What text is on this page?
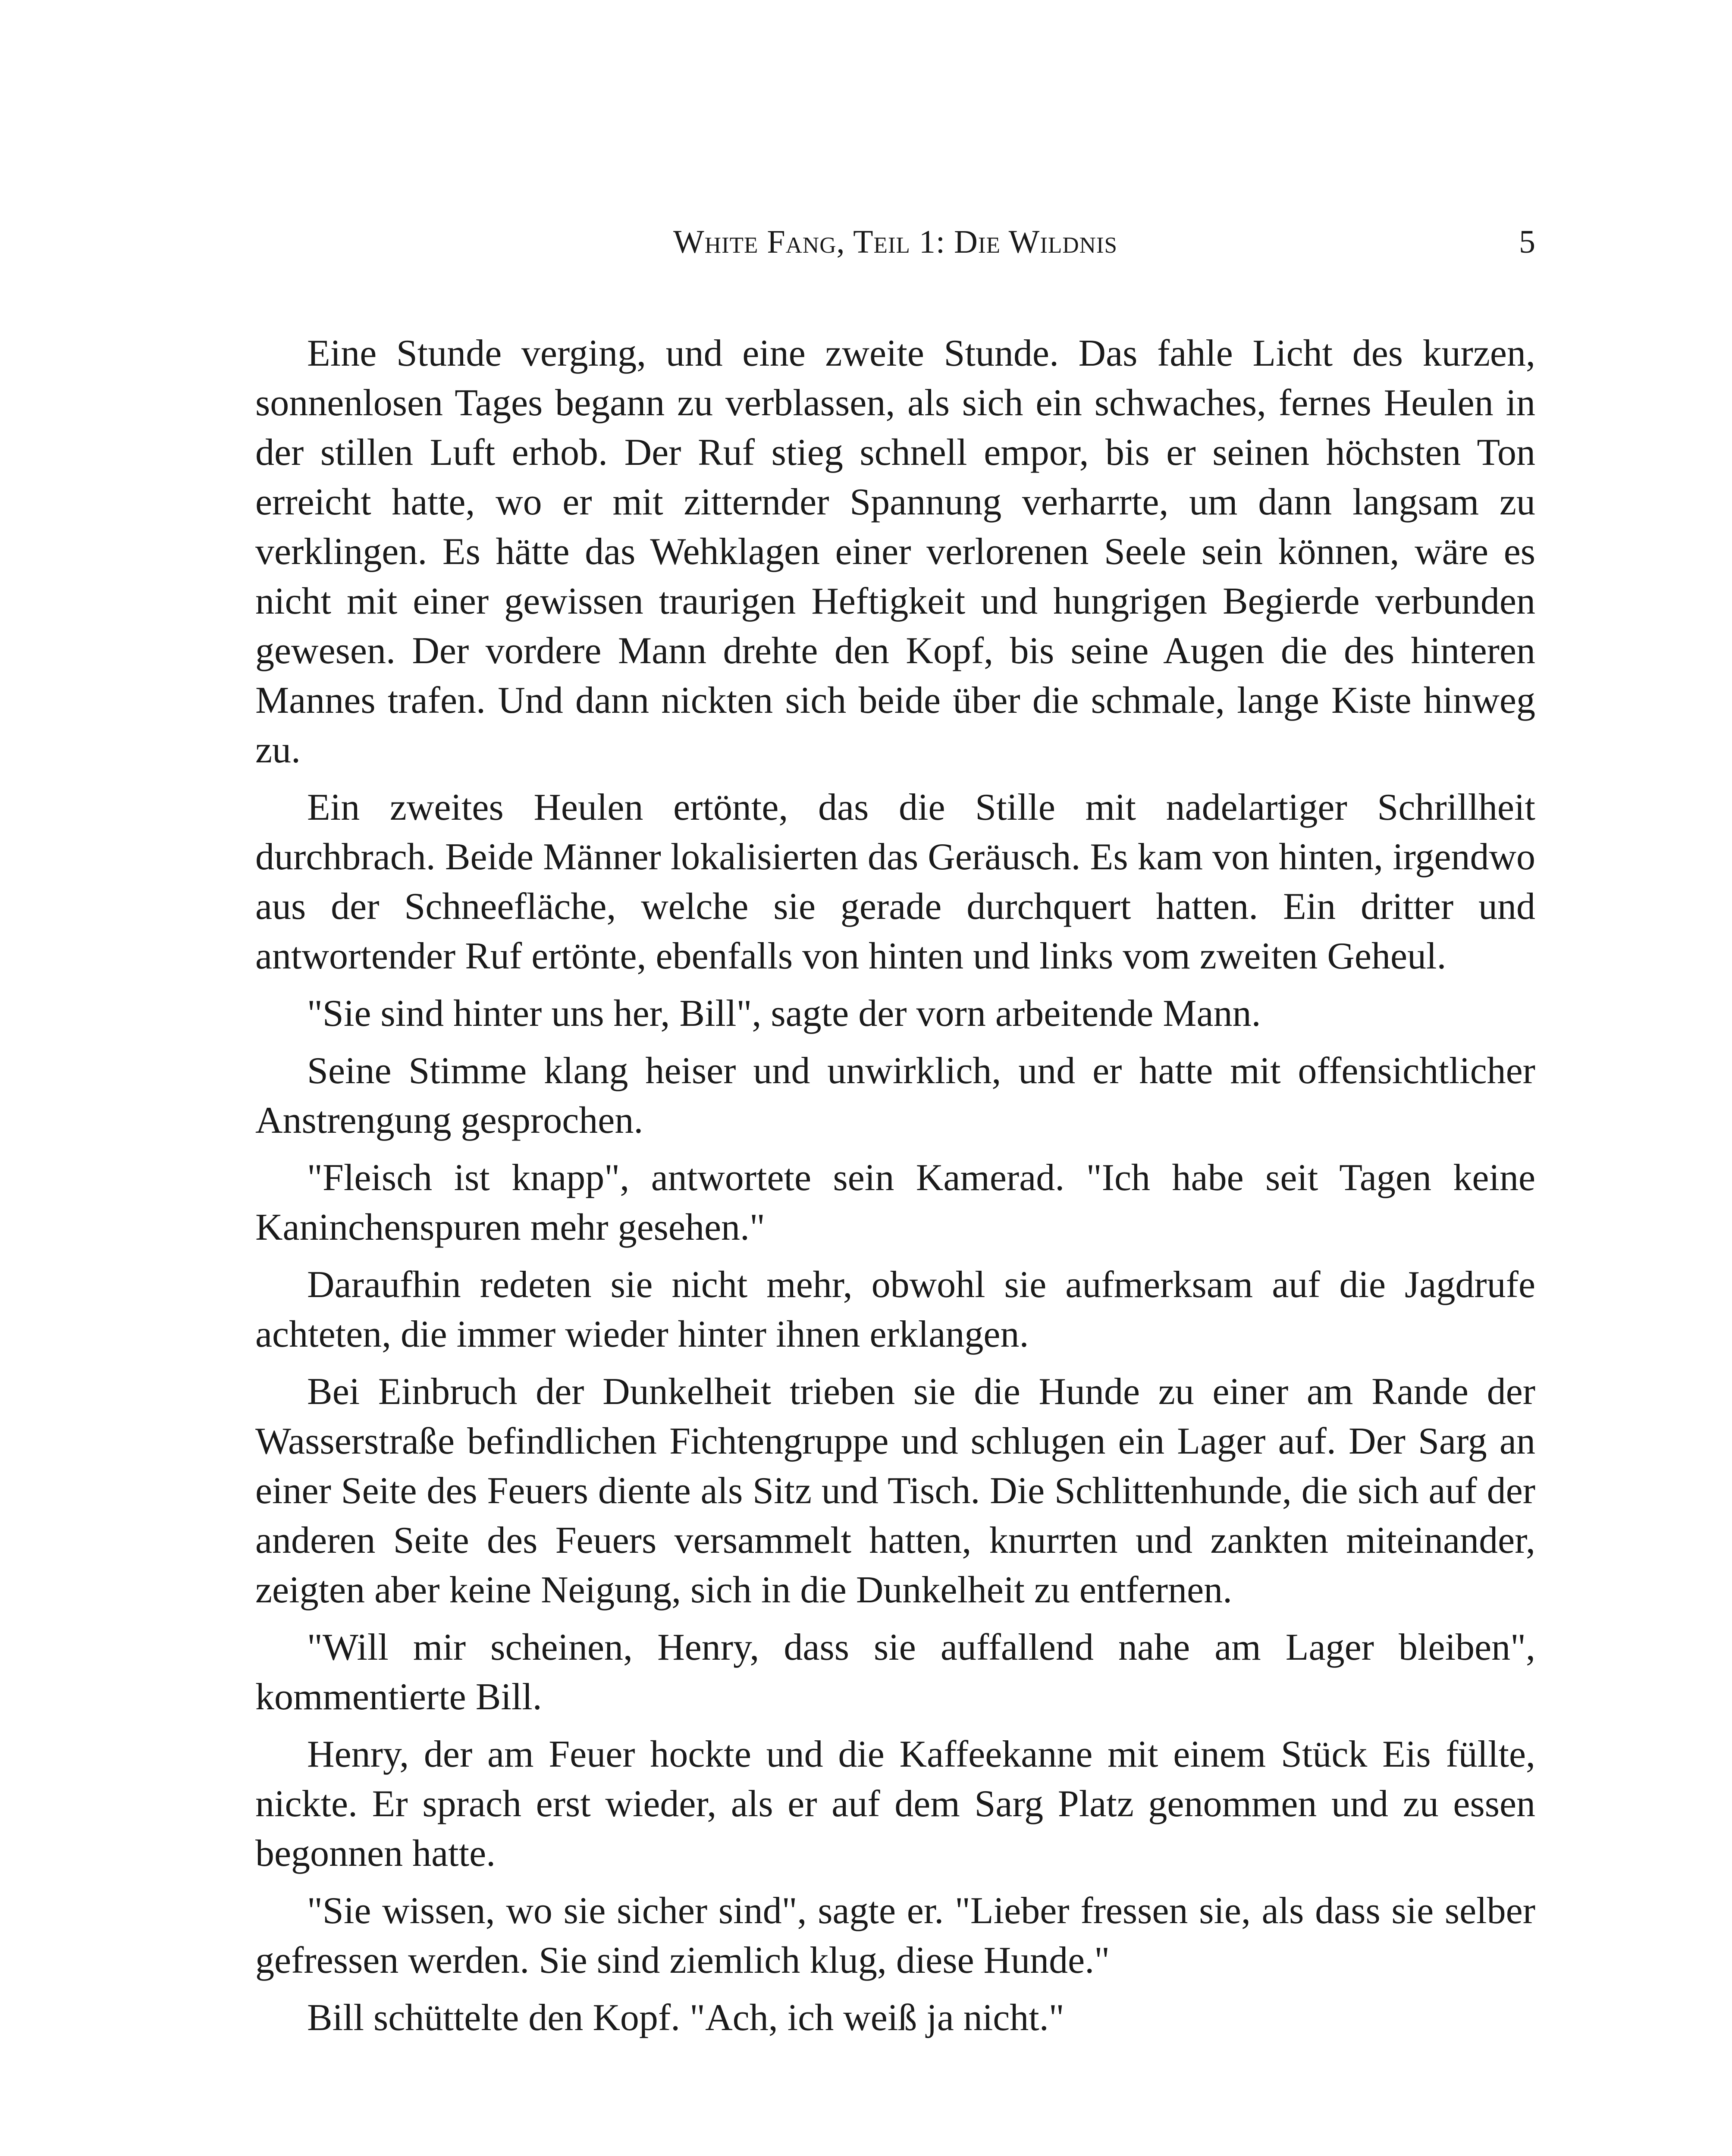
White Fang, Teil 1: Die Wildnis	5

Eine Stunde verging, und eine zweite Stunde. Das fahle Licht des kurzen, sonnenlosen Tages begann zu verblassen, als sich ein schwaches, fernes Heulen in der stillen Luft erhob. Der Ruf stieg schnell empor, bis er seinen höchsten Ton erreicht hatte, wo er mit zitternder Spannung verharrte, um dann langsam zu verklingen. Es hätte das Wehklagen einer verlorenen Seele sein können, wäre es nicht mit einer gewissen traurigen Heftigkeit und hungrigen Begierde verbunden gewesen. Der vordere Mann drehte den Kopf, bis seine Augen die des hinteren Mannes trafen. Und dann nickten sich beide über die schmale, lange Kiste hinweg zu.

Ein zweites Heulen ertönte, das die Stille mit nadelartiger Schrillheit durchbrach. Beide Männer lokalisierten das Geräusch. Es kam von hinten, irgendwo aus der Schneefläche, welche sie gerade durchquert hatten. Ein dritter und antwortender Ruf ertönte, ebenfalls von hinten und links vom zweiten Geheul.

"Sie sind hinter uns her, Bill", sagte der vorn arbeitende Mann.

Seine Stimme klang heiser und unwirklich, und er hatte mit offensichtlicher Anstrengung gesprochen.

"Fleisch ist knapp", antwortete sein Kamerad. "Ich habe seit Tagen keine Kaninchenspuren mehr gesehen."

Daraufhin redeten sie nicht mehr, obwohl sie aufmerksam auf die Jagdrufe achteten, die immer wieder hinter ihnen erklangen.

Bei Einbruch der Dunkelheit trieben sie die Hunde zu einer am Rande der Wasserstraße befindlichen Fichtengruppe und schlugen ein Lager auf. Der Sarg an einer Seite des Feuers diente als Sitz und Tisch. Die Schlittenhunde, die sich auf der anderen Seite des Feuers versammelt hatten, knurrten und zankten miteinander, zeigten aber keine Neigung, sich in die Dunkelheit zu entfernen.

"Will mir scheinen, Henry, dass sie auffallend nahe am Lager bleiben", kommentierte Bill.

Henry, der am Feuer hockte und die Kaffeekanne mit einem Stück Eis füllte, nickte. Er sprach erst wieder, als er auf dem Sarg Platz genommen und zu essen begonnen hatte.

"Sie wissen, wo sie sicher sind", sagte er. "Lieber fressen sie, als dass sie selber gefressen werden. Sie sind ziemlich klug, diese Hunde."

Bill schüttelte den Kopf. "Ach, ich weiß ja nicht."
